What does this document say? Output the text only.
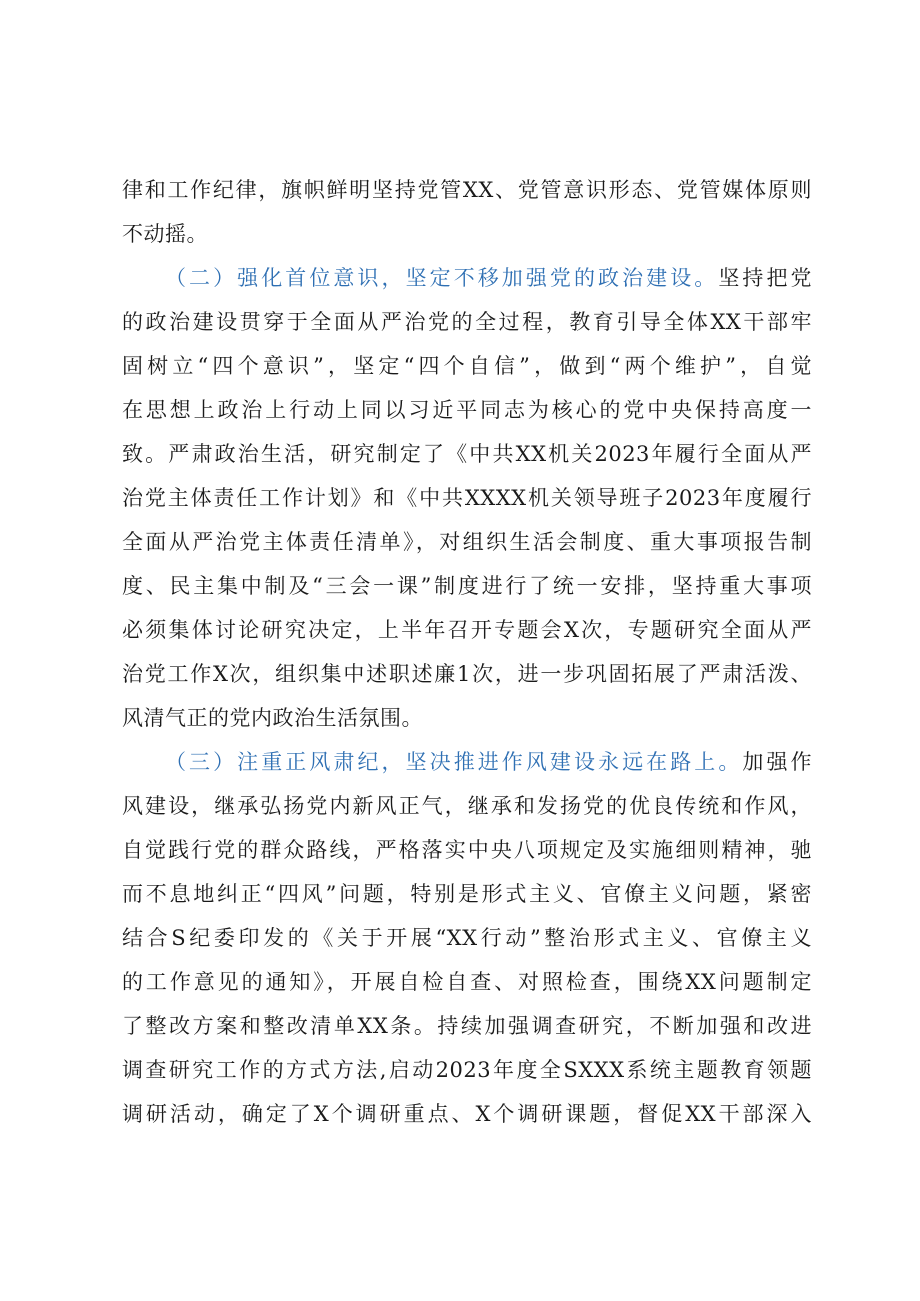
律和工作纪律，旗帜鲜明坚持党管XX、党管意识形态、党管媒体原则
不动摇。
（二）强化首位意识，坚定不移加强党的政治建设。坚持把党
的政治建设贯穿于全面从严治党的全过程，教育引导全体XX干部牢
固树立“四个意识”，坚定“四个自信”，做到“两个维护”，自觉
在思想上政治上行动上同以习近平同志为核心的党中央保持高度一
致。严肃政治生活，研究制定了《中共XX机关2023年履行全面从严
治党主体责任工作计划》和《中共XXXX机关领导班子2023年度履行
全面从严治党主体责任清单》，对组织生活会制度、重大事项报告制
度、民主集中制及“三会一课”制度进行了统一安排，坚持重大事项
必须集体讨论研究决定，上半年召开专题会X次，专题研究全面从严
治党工作X次，组织集中述职述廉1次，进一步巩固拓展了严肃活泼、
风清气正的党内政治生活氛围。
（三）注重正风肃纪，坚决推进作风建设永远在路上。加强作
风建设，继承弘扬党内新风正气，继承和发扬党的优良传统和作风，
自觉践行党的群众路线，严格落实中央八项规定及实施细则精神，驰
而不息地纠正“四风”问题，特别是形式主义、官僚主义问题，紧密
结合S纪委印发的《关于开展“XX行动”整治形式主义、官僚主义
的工作意见的通知》，开展自检自查、对照检查，围绕XX问题制定
了整改方案和整改清单XX条。持续加强调查研究，不断加强和改进
调查研究工作的方式方法,启动2023年度全SXXX系统主题教育领题
调研活动，确定了X个调研重点、X个调研课题，督促XX干部深入
